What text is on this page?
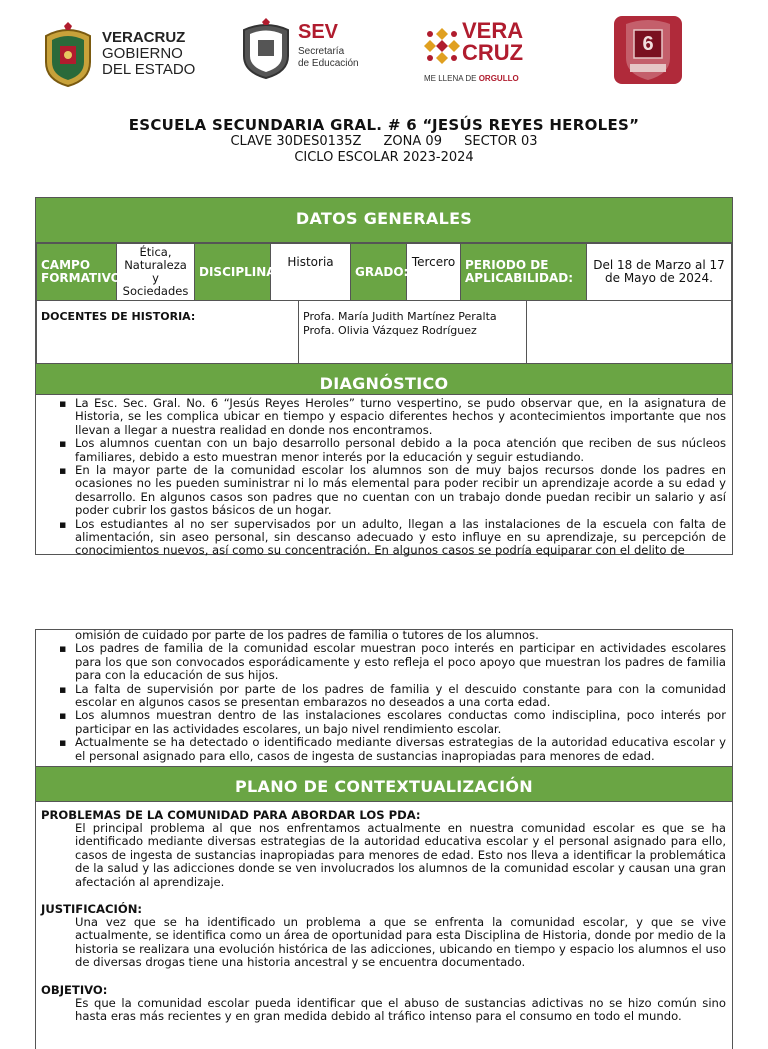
VERACRUZ
GOBIERNO
DEL ESTADO
SEV
Secretaría
de Educación
VERA
CRUZ
ME LLENA DE ORGULLO
6
ESCUELA SECUNDARIA GRAL. # 6 “JESÚS REYES HEROLES”
CLAVE 30DES0135Z ZONA 09 SECTOR 03
CICLO ESCOLAR 2023-2024
DATOS GENERALES
CAMPO FORMATIVO:	Ética, Naturaleza y Sociedades	DISCIPLINA:	Historia	GRADO:	Tercero	PERIODO DE APLICABILIDAD:	Del 18 de Marzo al 17 de Mayo de 2024.
DOCENTES DE HISTORIA:	Profa. María Judith Martínez Peralta
Profa. Olivia Vázquez Rodríguez

DIAGNÓSTICO
▪ La Esc. Sec. Gral. No. 6 “Jesús Reyes Heroles” turno vespertino, se pudo observar que, en la asignatura de Historia, se les complica ubicar en tiempo y espacio diferentes hechos y acontecimientos importante que nos llevan a llegar a nuestra realidad en donde nos encontramos.
▪ Los alumnos cuentan con un bajo desarrollo personal debido a la poca atención que reciben de sus núcleos familiares, debido a esto muestran menor interés por la educación y seguir estudiando.
▪ En la mayor parte de la comunidad escolar los alumnos son de muy bajos recursos donde los padres en ocasiones no les pueden suministrar ni lo más elemental para poder recibir un aprendizaje acorde a su edad y desarrollo. En algunos casos son padres que no cuentan con un trabajo donde puedan recibir un salario y así poder cubrir los gastos básicos de un hogar.
▪ Los estudiantes al no ser supervisados por un adulto, llegan a las instalaciones de la escuela con falta de alimentación, sin aseo personal, sin descanso adecuado y esto influye en su aprendizaje, su percepción de conocimientos nuevos, así como su concentración. En algunos casos se podría equiparar con el delito de
omisión de cuidado por parte de los padres de familia o tutores de los alumnos.
▪ Los padres de familia de la comunidad escolar muestran poco interés en participar en actividades escolares para los que son convocados esporádicamente y esto refleja el poco apoyo que muestran los padres de familia para con la educación de sus hijos.
▪ La falta de supervisión por parte de los padres de familia y el descuido constante para con la comunidad escolar en algunos casos se presentan embarazos no deseados a una corta edad.
▪ Los alumnos muestran dentro de las instalaciones escolares conductas como indisciplina, poco interés por participar en las actividades escolares, un bajo nivel rendimiento escolar.
▪ Actualmente se ha detectado o identificado mediante diversas estrategias de la autoridad educativa escolar y el personal asignado para ello, casos de ingesta de sustancias inapropiadas para menores de edad.
PLANO DE CONTEXTUALIZACIÓN
PROBLEMAS DE LA COMUNIDAD PARA ABORDAR LOS PDA:
El principal problema al que nos enfrentamos actualmente en nuestra comunidad escolar es que se ha identificado mediante diversas estrategias de la autoridad educativa escolar y el personal asignado para ello, casos de ingesta de sustancias inapropiadas para menores de edad. Esto nos lleva a identificar la problemática de la salud y las adicciones donde se ven involucrados los alumnos de la comunidad escolar y causan una gran afectación al aprendizaje.
JUSTIFICACIÓN:
Una vez que se ha identificado un problema a que se enfrenta la comunidad escolar, y que se vive actualmente, se identifica como un área de oportunidad para esta Disciplina de Historia, donde por medio de la historia se realizara una evolución histórica de las adicciones, ubicando en tiempo y espacio los alumnos el uso de diversas drogas tiene una historia ancestral y se encuentra documentado.
OBJETIVO:
Es que la comunidad escolar pueda identificar que el abuso de sustancias adictivas no se hizo común sino hasta eras más recientes y en gran medida debido al tráfico intenso para el consumo en todo el mundo.
